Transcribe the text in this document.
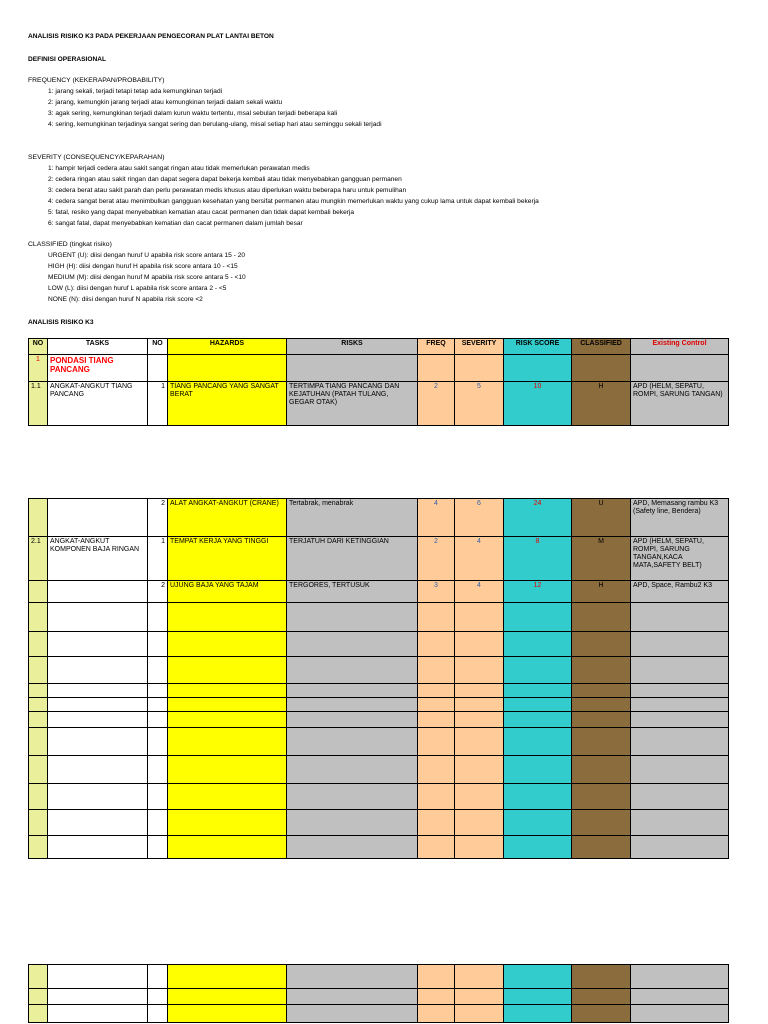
ANALISIS RISIKO K3 PADA PEKERJAAN PENGECORAN PLAT LANTAI BETON
DEFINISI OPERASIONAL
FREQUENCY (KEKERAPAN/PROBABILITY)
1: jarang sekali, terjadi tetapi tetap ada kemungkinan terjadi
2: jarang, kemungkin jarang terjadi atau kemungkinan terjadi dalam sekali waktu
3: agak sering, kemungkinan terjadi dalam kurun waktu tertentu, msal sebulan terjadi beberapa kali
4: sering, kemungkinan terjadinya sangat sering dan berulang-ulang, misal setiap hari atau seminggu sekali terjadi
SEVERITY (CONSEQUENCY/KEPARAHAN)
1: hampir terjadi cedera atau sakit sangat ringan atau tidak memerlukan perawatan medis
2: cedera ringan atau sakit ringan dan dapat segera dapat bekerja kembali atau tidak menyebabkan gangguan permanen
3: cedera berat atau sakit parah dan perlu perawatan medis khusus atau diperlukan waktu beberapa haru untuk pemulihan
4: cedera sangat berat atau menimbulkan gangguan kesehatan yang bersifat permanen atau mungkin memerlukan waktu yang cukup lama untuk dapat kembali bekerja
5: fatal, resiko yang dapat menyebabkan kematian atau cacat permanen dan tidak dapat kembali bekerja
6: sangat fatal, dapat menyebabkan kematian dan cacat permanen dalam jumlah besar
CLASSIFIED (tingkat risiko)
URGENT (U): diisi dengan huruf U apabila risk score antara 15 - 20
HIGH (H): diisi dengan huruf H apabila risk score antara 10 - <15
MEDIUM (M): diisi dengan huruf M apabila risk score antara 5 - <10
LOW (L): diisi dengan huruf L apabila risk score antara 2 - <5
NONE (N): diisi dengan huruf N apabila risk score <2
ANALISIS RISIKO K3
NO	TASKS	NO	HAZARDS	RISKS	FREQ	SEVERITY	RISK SCORE	CLASSIFIED	Existing Control
1	PONDASI TIANG PANCANG								
1.1	ANGKAT-ANGKUT TIANG PANCANG	1	TIANG PANCANG YANG SANGAT BERAT	TERTIMPA TIANG PANCANG DAN KEJATUHAN (PATAH TULANG, GEGAR OTAK)	2	5	10	H	APD (HELM, SEPATU, ROMPI, SARUNG TANGAN)
		2	ALAT ANGKAT-ANGKUT (CRANE)	Tertabrak, menabrak	4	6	24	U	APD, Memasang rambu K3 (Safety line, Bendera)
2.1	ANGKAT-ANGKUT KOMPONEN BAJA RINGAN	1	TEMPAT KERJA YANG TINGGI	TERJATUH DARI KETINGGIAN	2	4	8	M	APD (HELM, SEPATU, ROMPI, SARUNG TANGAN,KACA MATA,SAFETY BELT)
		2	UJUNG BAJA YANG TAJAM	TERGORES, TERTUSUK	3	4	12	H	APD, Space, Rambu2 K3
